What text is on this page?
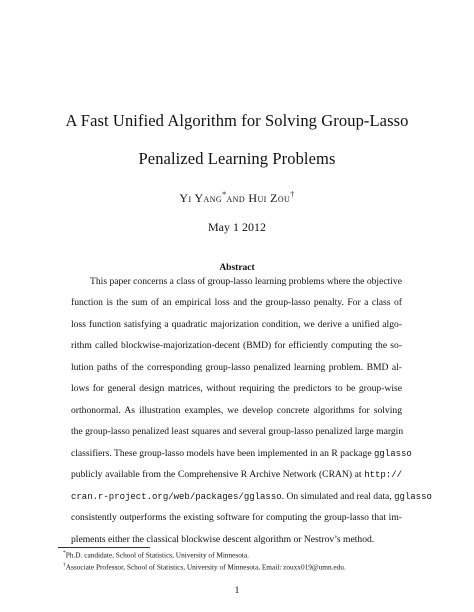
A Fast Unified Algorithm for Solving Group-Lasso
Penalized Learning Problems
Yi Yang*and Hui Zou†
May 1 2012
Abstract
This paper concerns a class of group-lasso learning problems where the objective
function is the sum of an empirical loss and the group-lasso penalty. For a class of
loss function satisfying a quadratic majorization condition, we derive a unified algo-
rithm called blockwise-majorization-decent (BMD) for efficiently computing the so-
lution paths of the corresponding group-lasso penalized learning problem. BMD al-
lows for general design matrices, without requiring the predictors to be group-wise
orthonormal. As illustration examples, we develop concrete algorithms for solving
the group-lasso penalized least squares and several group-lasso penalized large margin
classifiers. These group-lasso models have been implemented in an R package gglasso
publicly available from the Comprehensive R Archive Network (CRAN) at http://
cran.r-project.org/web/packages/gglasso. On simulated and real data, gglasso
consistently outperforms the existing software for computing the group-lasso that im-
plements either the classical blockwise descent algorithm or Nestrov’s method.
*Ph.D. candidate, School of Statistics, University of Minnesota.
†Associate Professor, School of Statistics, University of Minnesota, Email: zouxx019@umn.edu.
1
